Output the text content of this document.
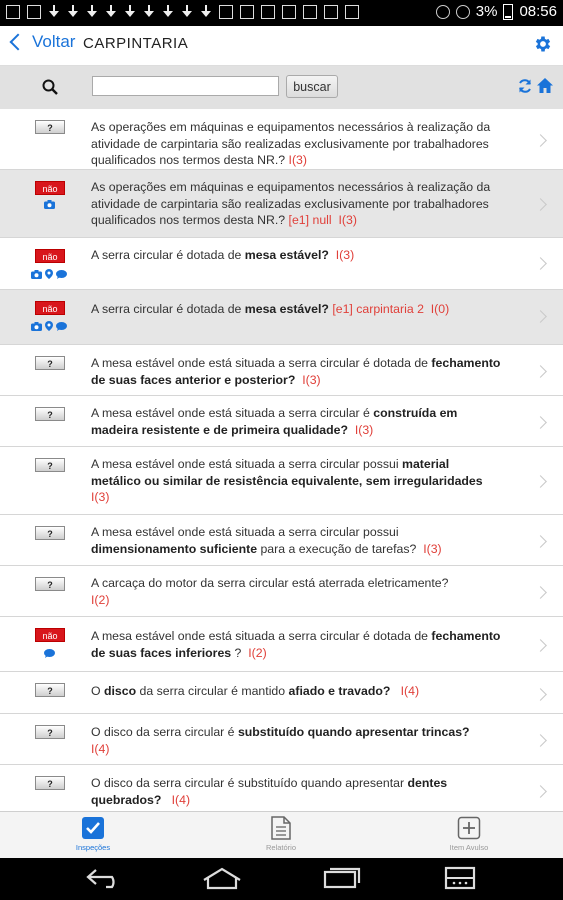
3% 08:56
Voltar CARPINTARIA
buscar
?	As operações em máquinas e equipamentos necessários à realização da atividade de carpintaria são realizadas exclusivamente por trabalhadores qualificados nos termos desta NR.? I(3)
não	As operações em máquinas e equipamentos necessários à realização da atividade de carpintaria são realizadas exclusivamente por trabalhadores qualificados nos termos desta NR.? [e1] null I(3)
não	A serra circular é dotada de mesa estável? I(3)
não	A serra circular é dotada de mesa estável? [e1] carpintaria 2 I(0)
?	A mesa estável onde está situada a serra circular é dotada de fechamento de suas faces anterior e posterior? I(3)
?	A mesa estável onde está situada a serra circular é construída em madeira resistente e de primeira qualidade? I(3)
?	A mesa estável onde está situada a serra circular possui material metálico ou similar de resistência equivalente, sem irregularidades
I(3)
?	A mesa estável onde está situada a serra circular possui dimensionamento suficiente para a execução de tarefas? I(3)
?	A carcaça do motor da serra circular está aterrada eletricamente?
I(2)
não	A mesa estável onde está situada a serra circular é dotada de fechamento de suas faces inferiores ? I(2)
?	O disco da serra circular é mantido afiado e travado? I(4)
?	O disco da serra circular é substituído quando apresentar trincas?
I(4)
?	O disco da serra circular é substituído quando apresentar dentes quebrados? I(4)
Inspeções	Relatório	Item Avulso
